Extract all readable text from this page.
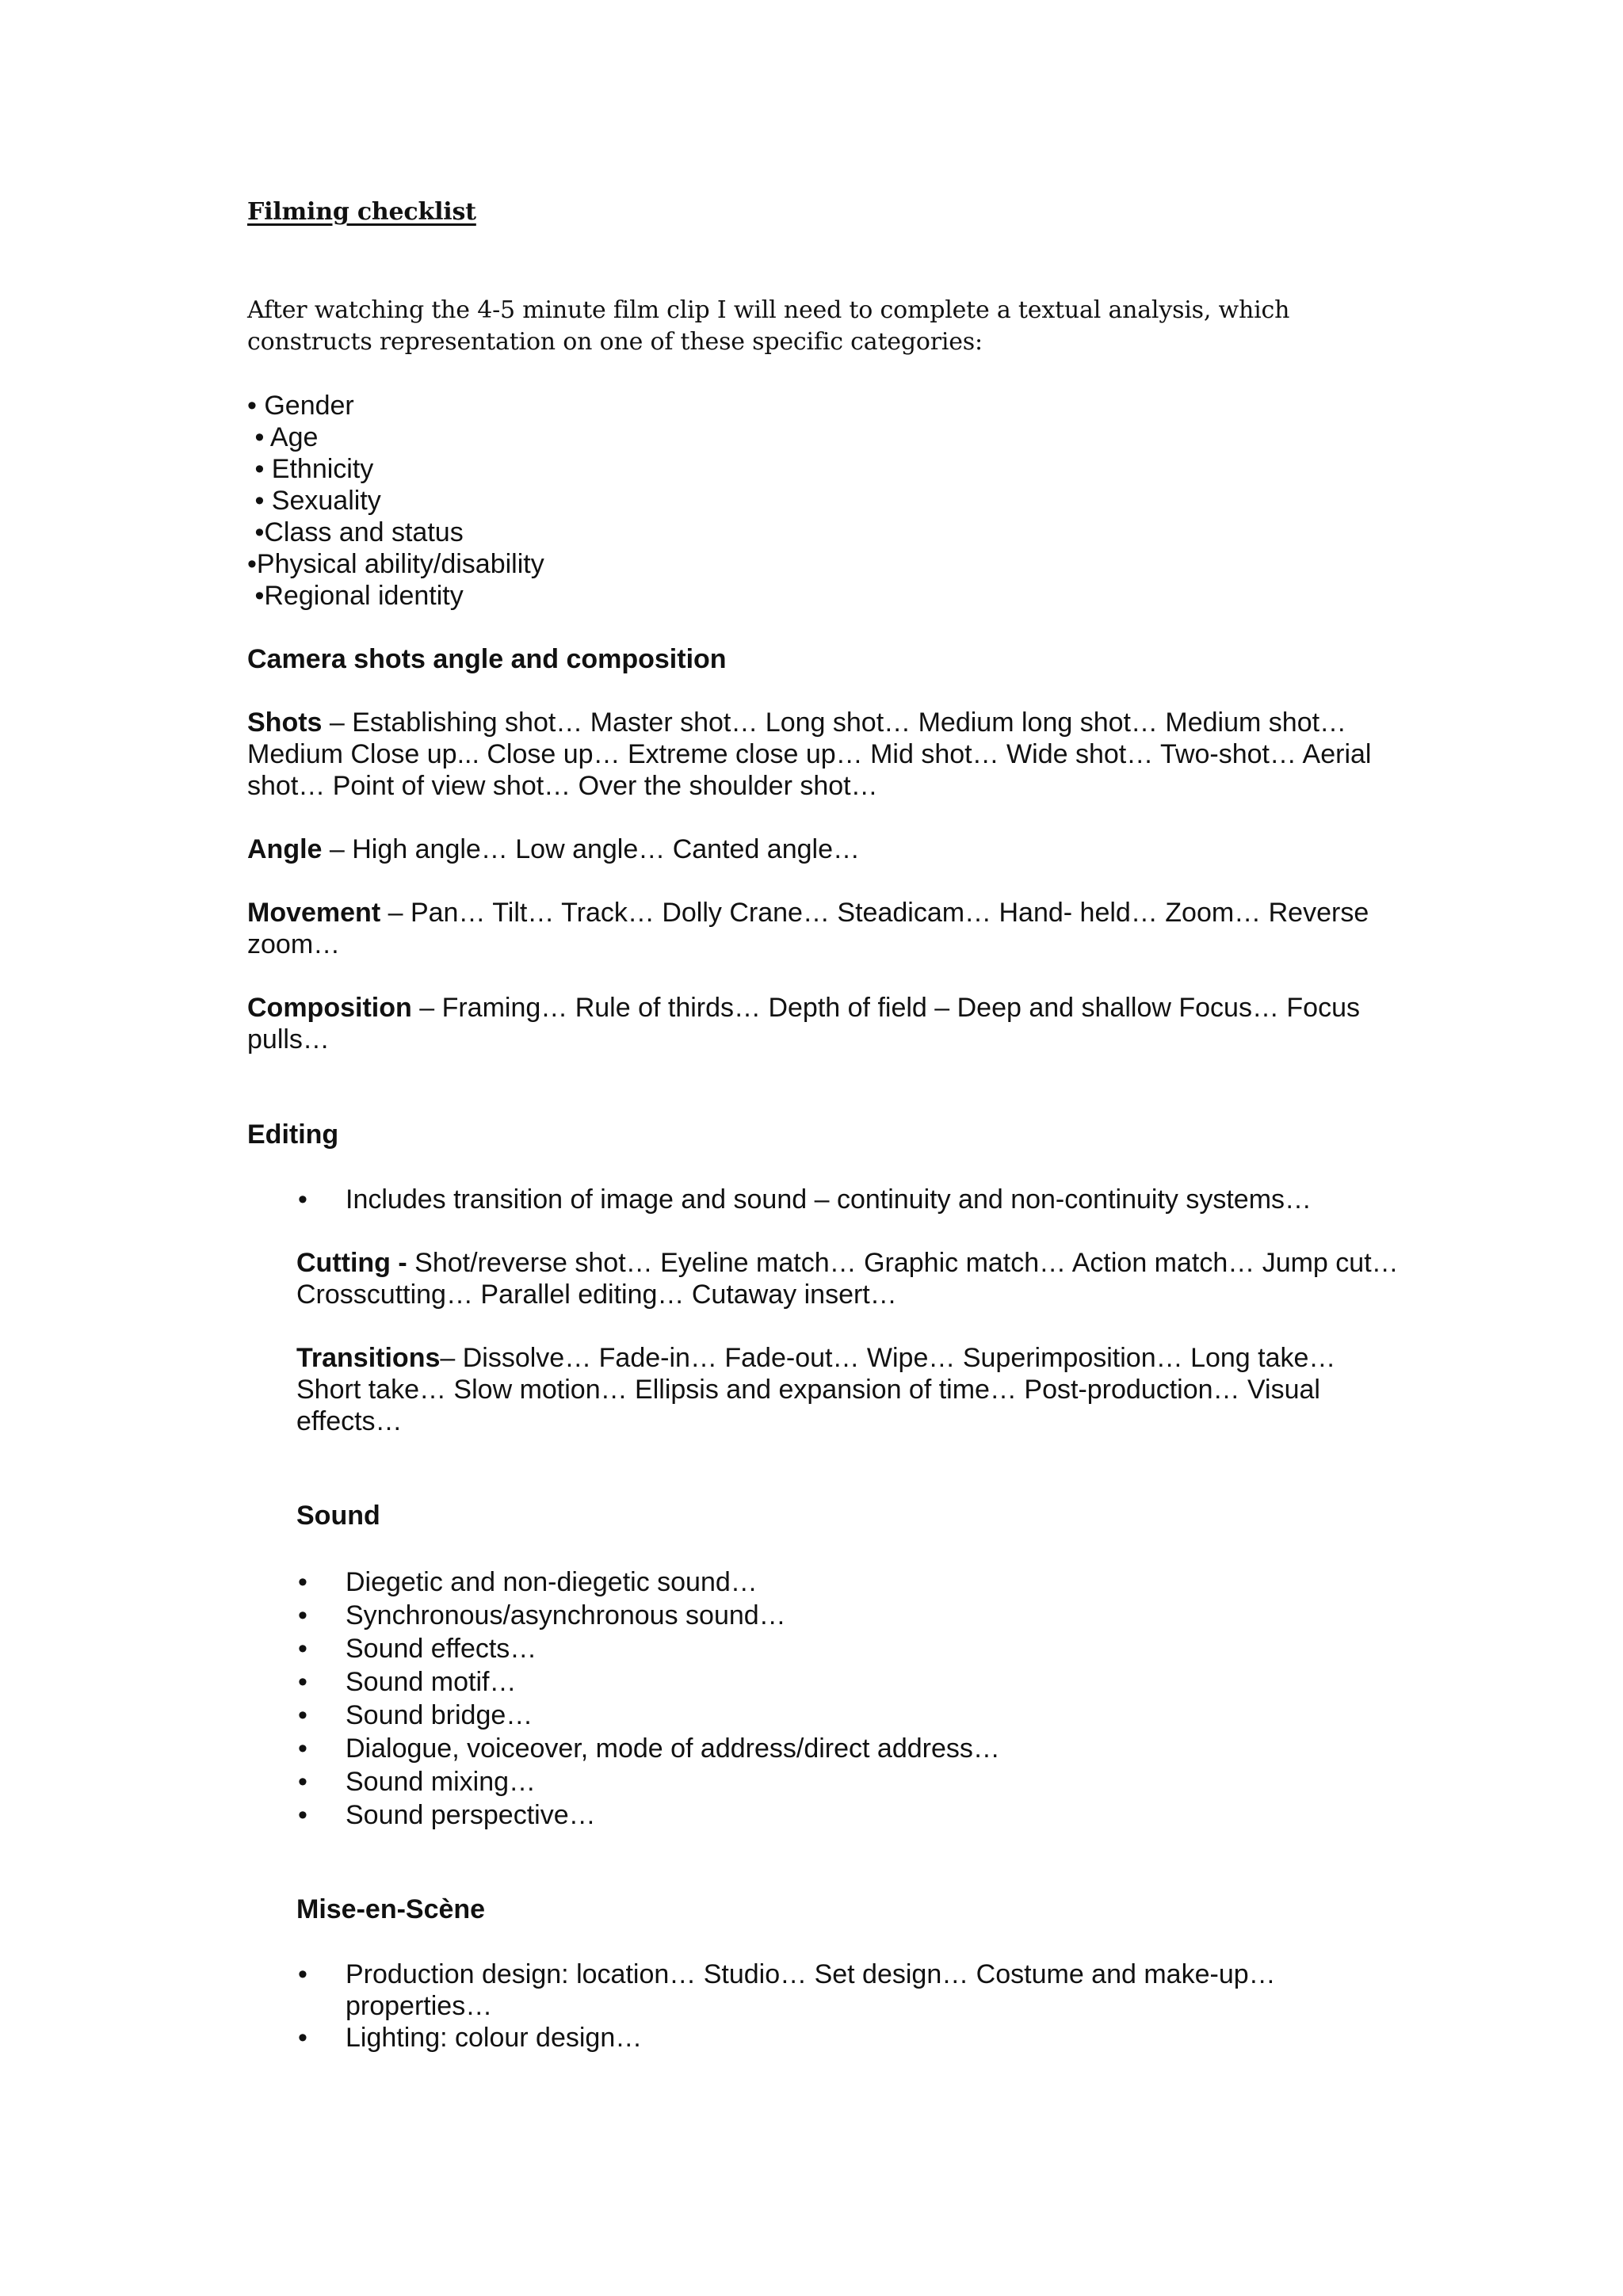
Filming checklist

After watching the 4-5 minute film clip I will need to complete a textual analysis, which constructs representation on one of these specific categories:

• Gender
• Age
• Ethnicity
• Sexuality
•Class and status
•Physical ability/disability
•Regional identity

Camera shots angle and composition

Shots – Establishing shot… Master shot… Long shot… Medium long shot… Medium shot… Medium Close up... Close up… Extreme close up… Mid shot… Wide shot… Two-shot… Aerial shot… Point of view shot… Over the shoulder shot…

Angle – High angle… Low angle… Canted angle…

Movement – Pan… Tilt… Track… Dolly Crane… Steadicam… Hand- held… Zoom… Reverse zoom…

Composition – Framing… Rule of thirds… Depth of field – Deep and shallow Focus… Focus pulls…

Editing

• Includes transition of image and sound – continuity and non-continuity systems…

Cutting - Shot/reverse shot… Eyeline match… Graphic match… Action match… Jump cut… Crosscutting… Parallel editing… Cutaway insert…

Transitions– Dissolve… Fade-in… Fade-out… Wipe… Superimposition… Long take… Short take… Slow motion… Ellipsis and expansion of time… Post-production… Visual effects…

Sound

• Diegetic and non-diegetic sound…
• Synchronous/asynchronous sound…
• Sound effects…
• Sound motif…
• Sound bridge…
• Dialogue, voiceover, mode of address/direct address…
• Sound mixing…
• Sound perspective…

Mise-en-Scène

• Production design: location… Studio… Set design… Costume and make-up… properties…
• Lighting: colour design…
